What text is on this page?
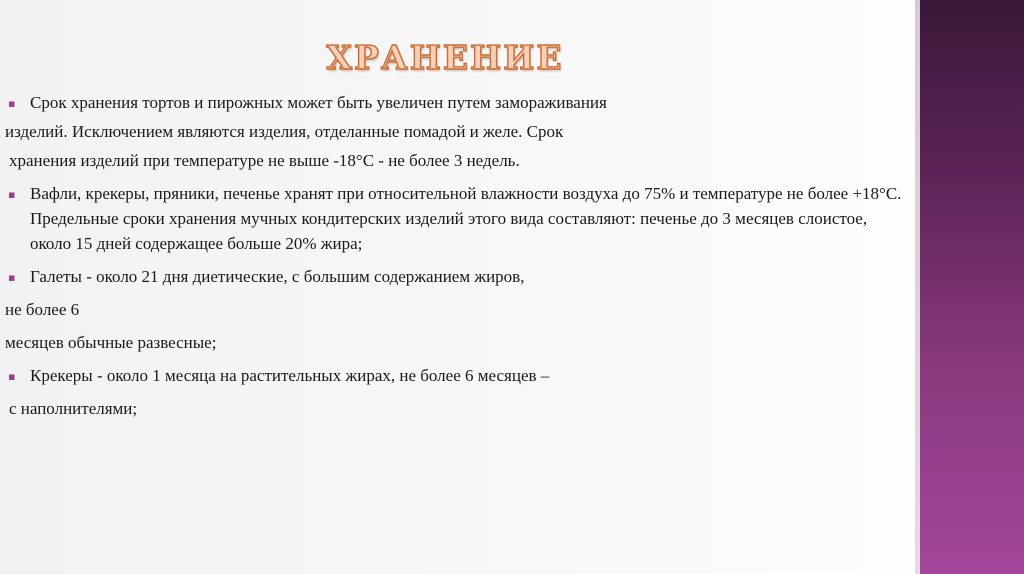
ХРАНЕНИЕ

▪ Срок хранения тортов и пирожных может быть увеличен путем замораживания

изделий. Исключением являются изделия, отделанные помадой и желе. Срок

хранения изделий при температуре не выше -18°С - не более 3 недель.

▪ Вафли, крекеры, пряники, печенье хранят при относительной влажности воздуха до 75% и температуре не более +18°С. Предельные сроки хранения мучных кондитерских изделий этого вида составляют: печенье до 3 месяцев слоистое, около 15 дней содержащее больше 20% жира;

▪ Галеты - около 21 дня диетические, с большим содержанием жиров,

не более 6

месяцев обычные развесные;

▪ Крекеры - около 1 месяца на растительных жирах, не более 6 месяцев –

с наполнителями;
